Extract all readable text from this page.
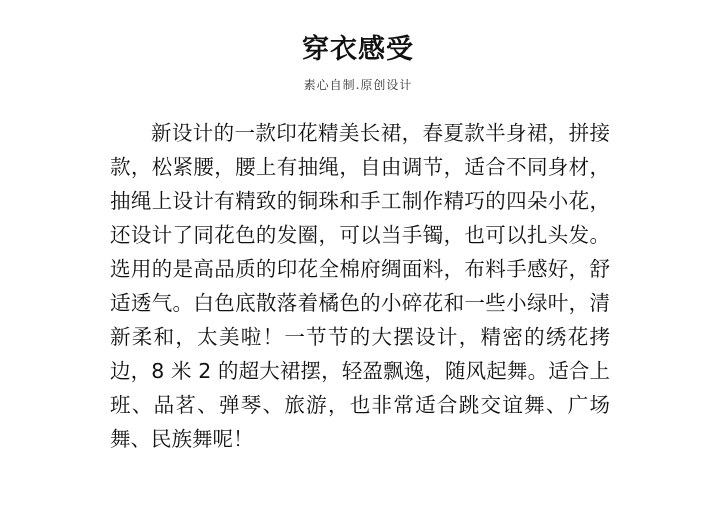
穿衣感受
素心自制.原创设计

新设计的一款印花精美长裙，春夏款半身裙，拼接款，松紧腰，腰上有抽绳，自由调节，适合不同身材，抽绳上设计有精致的铜珠和手工制作精巧的四朵小花，还设计了同花色的发圈，可以当手镯，也可以扎头发。选用的是高品质的印花全棉府绸面料，布料手感好，舒适透气。白色底散落着橘色的小碎花和一些小绿叶，清新柔和，太美啦！一节节的大摆设计，精密的绣花拷边，8 米 2 的超大裙摆，轻盈飘逸，随风起舞。适合上班、品茗、弹琴、旅游，也非常适合跳交谊舞、广场舞、民族舞呢！
